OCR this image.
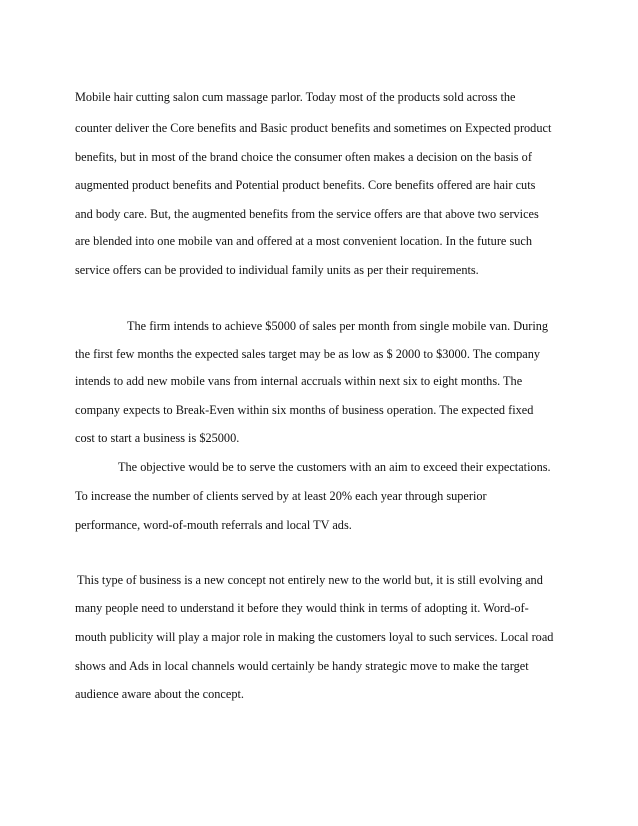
Mobile hair cutting salon cum massage parlor. Today most of the products sold across the

counter deliver the Core benefits and Basic product benefits and sometimes on Expected product

benefits, but in most of the brand choice the consumer often makes a decision on the basis of

augmented product benefits and Potential product benefits. Core benefits offered are hair cuts

and body care. But, the augmented benefits from the service offers are that above two services

are blended into one mobile van and offered at a most convenient location. In the future such

service offers can be provided to individual family units as per their requirements.

The firm intends to achieve $5000 of sales per month from single mobile van. During

the first few months the expected sales target may be as low as $ 2000 to $3000. The company

intends to add new mobile vans from internal accruals within next six to eight months. The

company expects to Break-Even within six months of business operation. The expected fixed

cost to start a business is $25000.

The objective would be to serve the customers with an aim to exceed their expectations.

To increase the number of clients served by at least 20% each year through superior

performance, word-of-mouth referrals and local TV ads.

This type of business is a new concept not entirely new to the world but, it is still evolving and

many people need to understand it before they would think in terms of adopting it. Word-of-

mouth publicity will play a major role in making the customers loyal to such services. Local road

shows and Ads in local channels would certainly be handy strategic move to make the target

audience aware about the concept.
